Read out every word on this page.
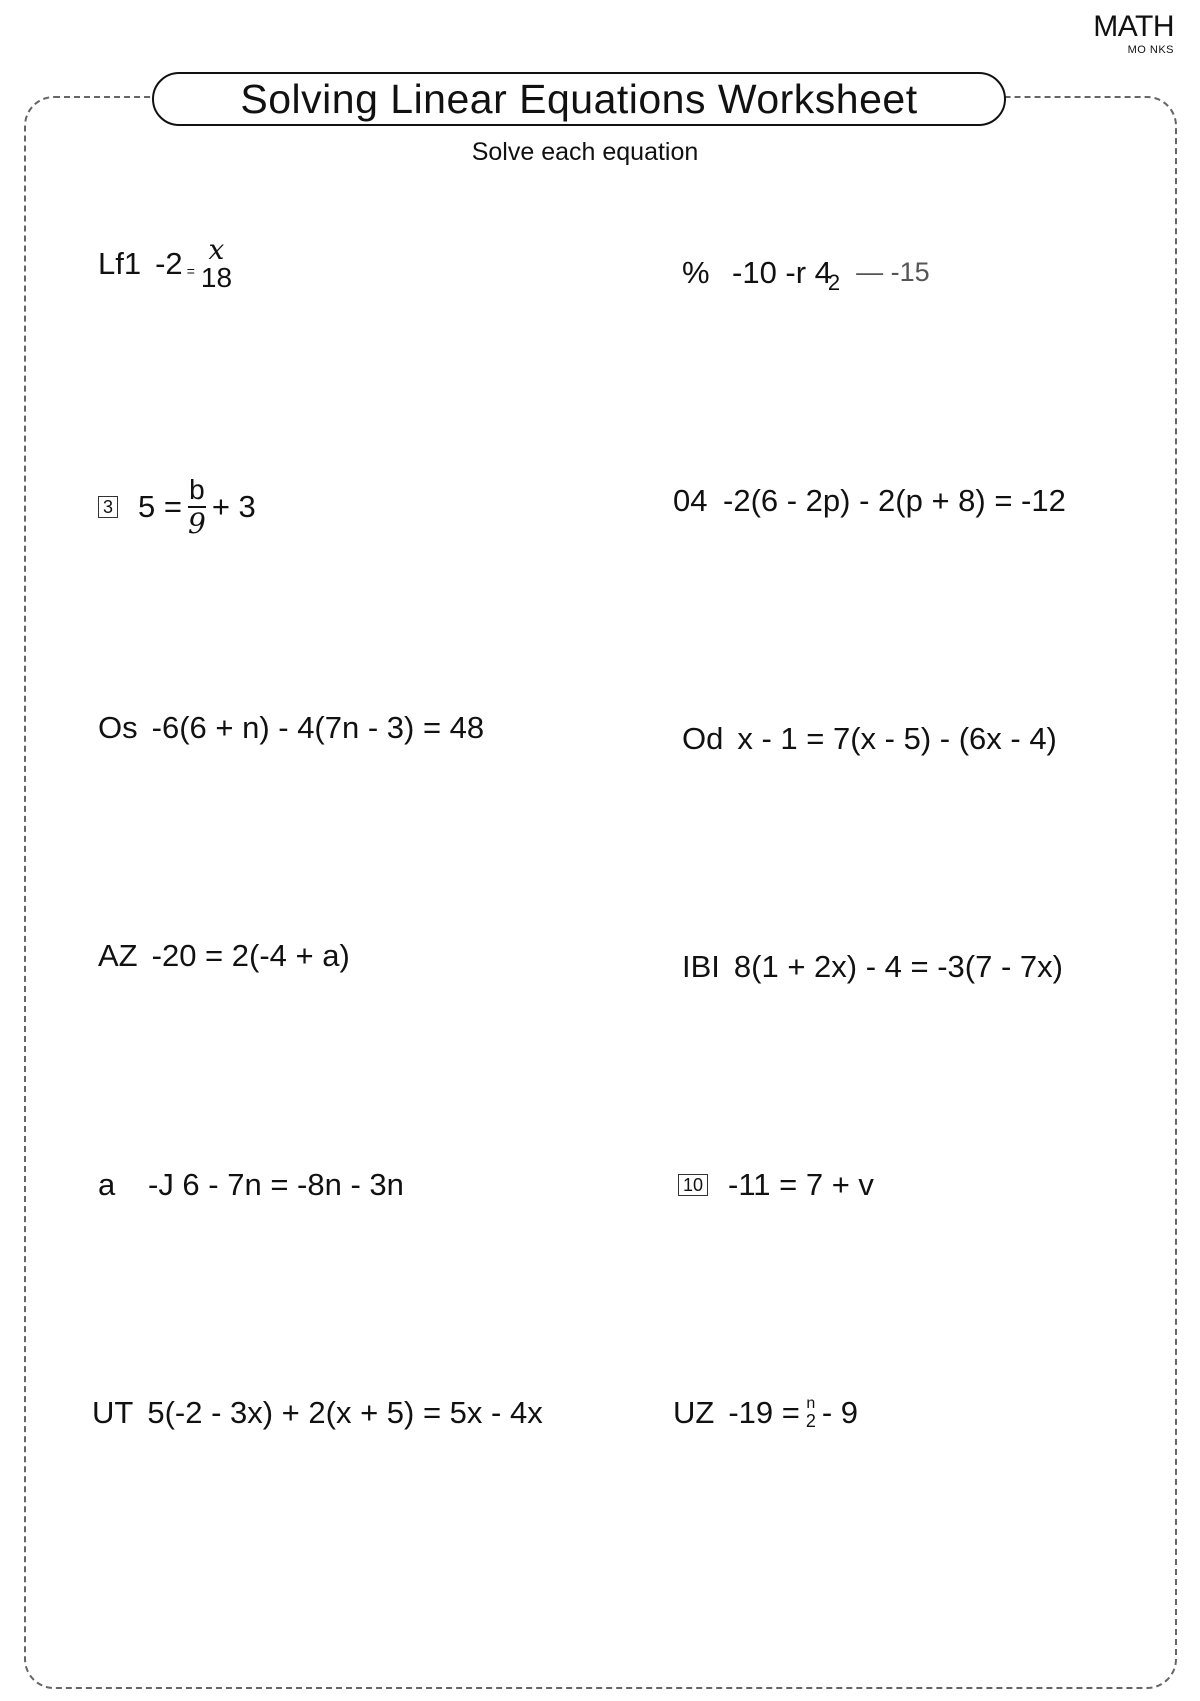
MATH
MO NKS
Solving Linear Equations Worksheet
Solve each equation
Lf1 -2 =
x
18	% -10 -r 4
2 — -15
3 $5 = \frac{b}{9} + 3$	04 -2(6 - 2p) - 2(p + 8) = -12
Os -6(6 + n) - 4(7n - 3) = 48	Od x - 1 = 7(x - 5) - (6x - 4)
AZ -20 = 2(-4 + a)	IBI 8(1 + 2x) - 4 = -3(7 - 7x)
a	-J 6 - 7n = -8n - 3n	10 -11 = 7 + v
UT 5(-2 - 3x) + 2(x + 5) = 5x - 4x	UZ -19 = n
2 - 9
